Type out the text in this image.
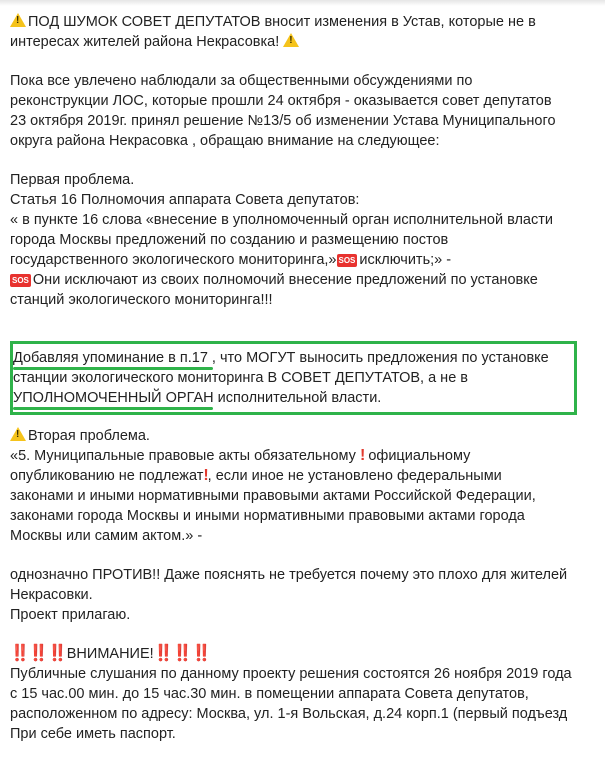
!ПОД ШУМОК СОВЕТ ДЕПУТАТОВ вносит изменения в Устав, которые не в

интересах жителей района Некрасовка! !

Пока все увлечено наблюдали за общественными обсуждениями по

реконструкции ЛОС, которые прошли 24 октября - оказывается совет депутатов

23 октября 2019г. принял решение №13/5 об изменении Устава Муниципального

округа района Некрасовка , обращаю внимание на следующее:

Первая проблема.

Статья 16 Полномочия аппарата Совета депутатов:

« в пункте 16 слова «внесение в уполномоченный орган исполнительной власти

города Москвы предложений по созданию и размещению постов

государственного экологического мониторинга,» SOS исключить;» -

SOS Они исключают из своих полномочий внесение предложений по установке

станций экологического мониторинга!!!

Добавляя упоминание в п.17 , что МОГУТ выносить предложения по установке

станции экологического мониторинга В СОВЕТ ДЕПУТАТОВ, а не в

УПОЛНОМОЧЕННЫЙ ОРГАН исполнительной власти.

!Вторая проблема.

«5. Муниципальные правовые акты обязательному ! официальному

опубликованию не подлежат!, если иное не установлено федеральными

законами и иными нормативными правовыми актами Российской Федерации,

законами города Москвы и иными нормативными правовыми актами города

Москвы или самим актом.» -

однозначно ПРОТИВ!! Даже пояснять не требуется почему это плохо для жителей

Некрасовки.

Проект прилагаю.

‼️‼️‼️ВНИМАНИЕ!‼️‼️‼️

Публичные слушания по данному проекту решения состоятся 26 ноября 2019 года

с 15 час.00 мин. до 15 час.30 мин. в помещении аппарата Совета депутатов,

расположенном по адресу: Москва, ул. 1-я Вольская, д.24 корп.1 (первый подъезд

При себе иметь паспорт.
